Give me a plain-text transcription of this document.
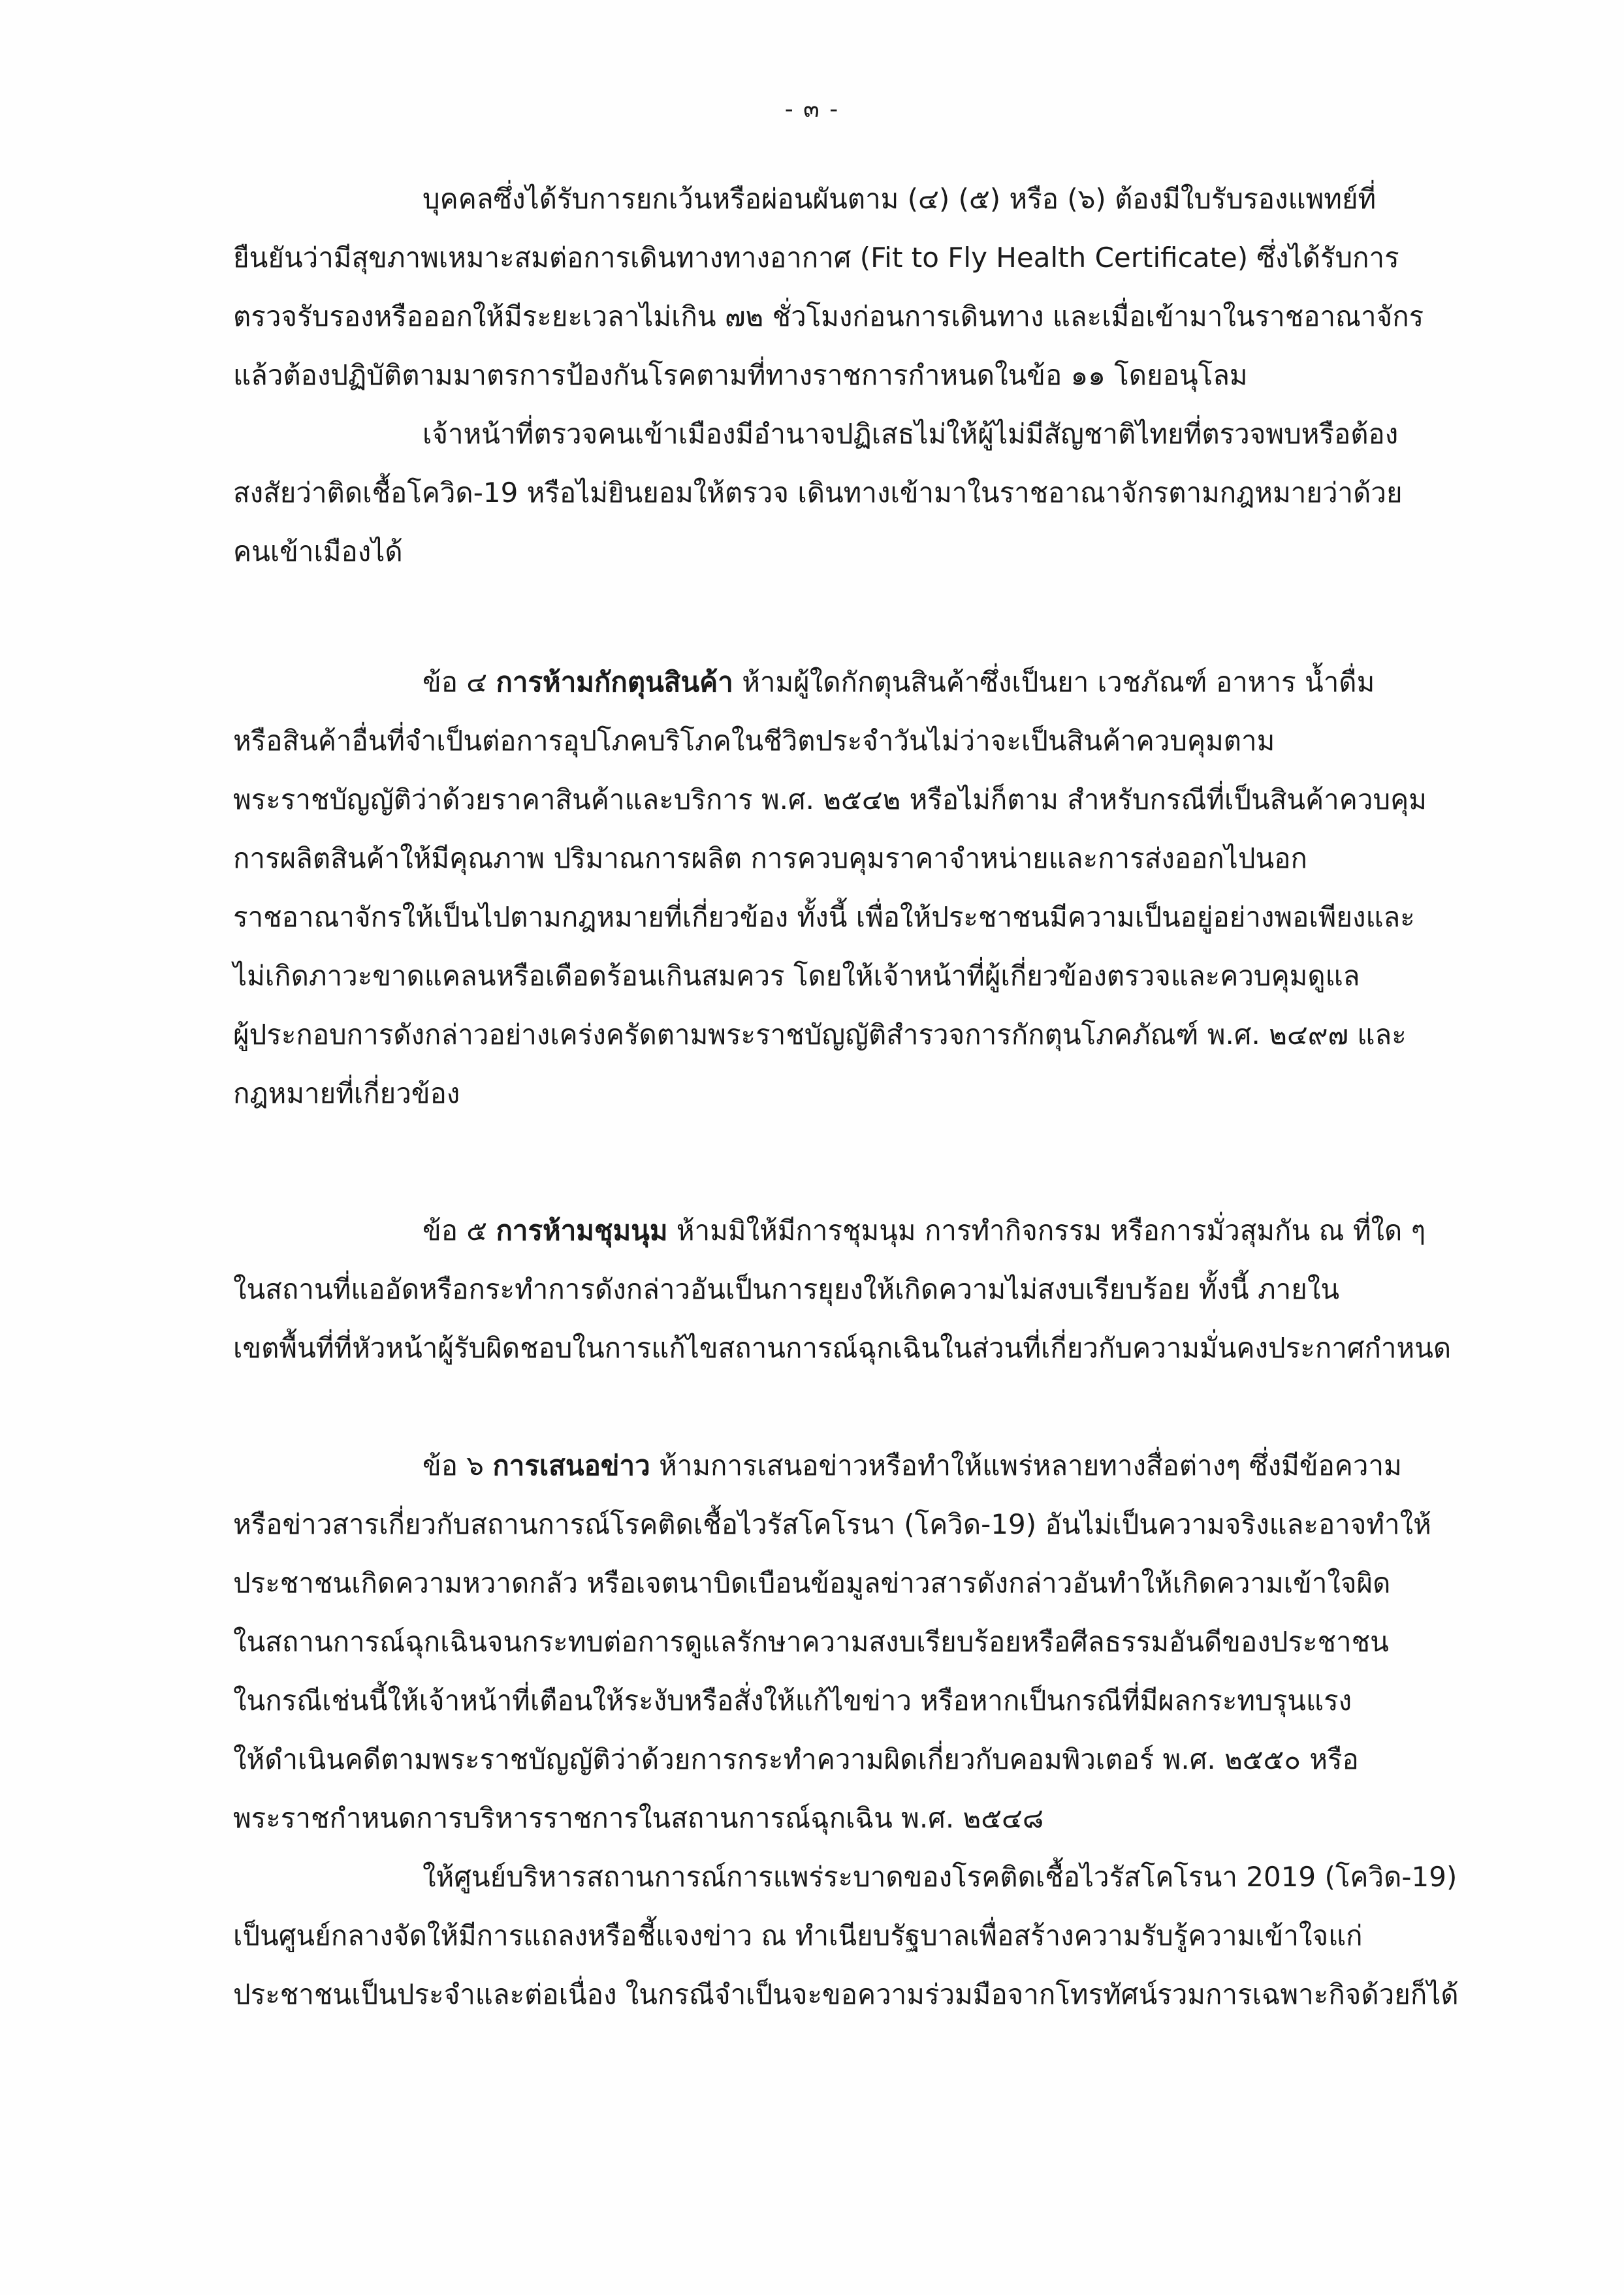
- ๓ -
บุคคลซึ่งได้รับการยกเว้นหรือผ่อนผันตาม (๔) (๕) หรือ (๖) ต้องมีใบรับรองแพทย์ที่
ยืนยันว่ามีสุขภาพเหมาะสมต่อการเดินทางทางอากาศ (Fit to Fly Health Certificate) ซึ่งได้รับการ
ตรวจรับรองหรือออกให้มีระยะเวลาไม่เกิน ๗๒ ชั่วโมงก่อนการเดินทาง และเมื่อเข้ามาในราชอาณาจักร
แล้วต้องปฏิบัติตามมาตรการป้องกันโรคตามที่ทางราชการกำหนดในข้อ ๑๑ โดยอนุโลม
เจ้าหน้าที่ตรวจคนเข้าเมืองมีอำนาจปฏิเสธไม่ให้ผู้ไม่มีสัญชาติไทยที่ตรวจพบหรือต้อง
สงสัยว่าติดเชื้อโควิด-19 หรือไม่ยินยอมให้ตรวจ เดินทางเข้ามาในราชอาณาจักรตามกฎหมายว่าด้วย
คนเข้าเมืองได้
ข้อ ๔ การห้ามกักตุนสินค้า ห้ามผู้ใดกักตุนสินค้าซึ่งเป็นยา เวชภัณฑ์ อาหาร น้ำดื่ม
หรือสินค้าอื่นที่จำเป็นต่อการอุปโภคบริโภคในชีวิตประจำวันไม่ว่าจะเป็นสินค้าควบคุมตาม
พระราชบัญญัติว่าด้วยราคาสินค้าและบริการ พ.ศ. ๒๕๔๒ หรือไม่ก็ตาม สำหรับกรณีที่เป็นสินค้าควบคุม
การผลิตสินค้าให้มีคุณภาพ ปริมาณการผลิต การควบคุมราคาจำหน่ายและการส่งออกไปนอก
ราชอาณาจักรให้เป็นไปตามกฎหมายที่เกี่ยวข้อง ทั้งนี้ เพื่อให้ประชาชนมีความเป็นอยู่อย่างพอเพียงและ
ไม่เกิดภาวะขาดแคลนหรือเดือดร้อนเกินสมควร โดยให้เจ้าหน้าที่ผู้เกี่ยวข้องตรวจและควบคุมดูแล
ผู้ประกอบการดังกล่าวอย่างเคร่งครัดตามพระราชบัญญัติสำรวจการกักตุนโภคภัณฑ์ พ.ศ. ๒๔๙๗ และ
กฎหมายที่เกี่ยวข้อง
ข้อ ๕ การห้ามชุมนุม ห้ามมิให้มีการชุมนุม การทำกิจกรรม หรือการมั่วสุมกัน ณ ที่ใด ๆ
ในสถานที่แออัดหรือกระทำการดังกล่าวอันเป็นการยุยงให้เกิดความไม่สงบเรียบร้อย ทั้งนี้ ภายใน
เขตพื้นที่ที่หัวหน้าผู้รับผิดชอบในการแก้ไขสถานการณ์ฉุกเฉินในส่วนที่เกี่ยวกับความมั่นคงประกาศกำหนด
ข้อ ๖ การเสนอข่าว ห้ามการเสนอข่าวหรือทำให้แพร่หลายทางสื่อต่างๆ ซึ่งมีข้อความ
หรือข่าวสารเกี่ยวกับสถานการณ์โรคติดเชื้อไวรัสโคโรนา (โควิด-19) อันไม่เป็นความจริงและอาจทำให้
ประชาชนเกิดความหวาดกลัว หรือเจตนาบิดเบือนข้อมูลข่าวสารดังกล่าวอันทำให้เกิดความเข้าใจผิด
ในสถานการณ์ฉุกเฉินจนกระทบต่อการดูแลรักษาความสงบเรียบร้อยหรือศีลธรรมอันดีของประชาชน
ในกรณีเช่นนี้ให้เจ้าหน้าที่เตือนให้ระงับหรือสั่งให้แก้ไขข่าว หรือหากเป็นกรณีที่มีผลกระทบรุนแรง
ให้ดำเนินคดีตามพระราชบัญญัติว่าด้วยการกระทำความผิดเกี่ยวกับคอมพิวเตอร์ พ.ศ. ๒๕๕๐ หรือ
พระราชกำหนดการบริหารราชการในสถานการณ์ฉุกเฉิน พ.ศ. ๒๕๔๘
ให้ศูนย์บริหารสถานการณ์การแพร่ระบาดของโรคติดเชื้อไวรัสโคโรนา 2019 (โควิด-19)
เป็นศูนย์กลางจัดให้มีการแถลงหรือชี้แจงข่าว ณ ทำเนียบรัฐบาลเพื่อสร้างความรับรู้ความเข้าใจแก่
ประชาชนเป็นประจำและต่อเนื่อง ในกรณีจำเป็นจะขอความร่วมมือจากโทรทัศน์รวมการเฉพาะกิจด้วยก็ได้
